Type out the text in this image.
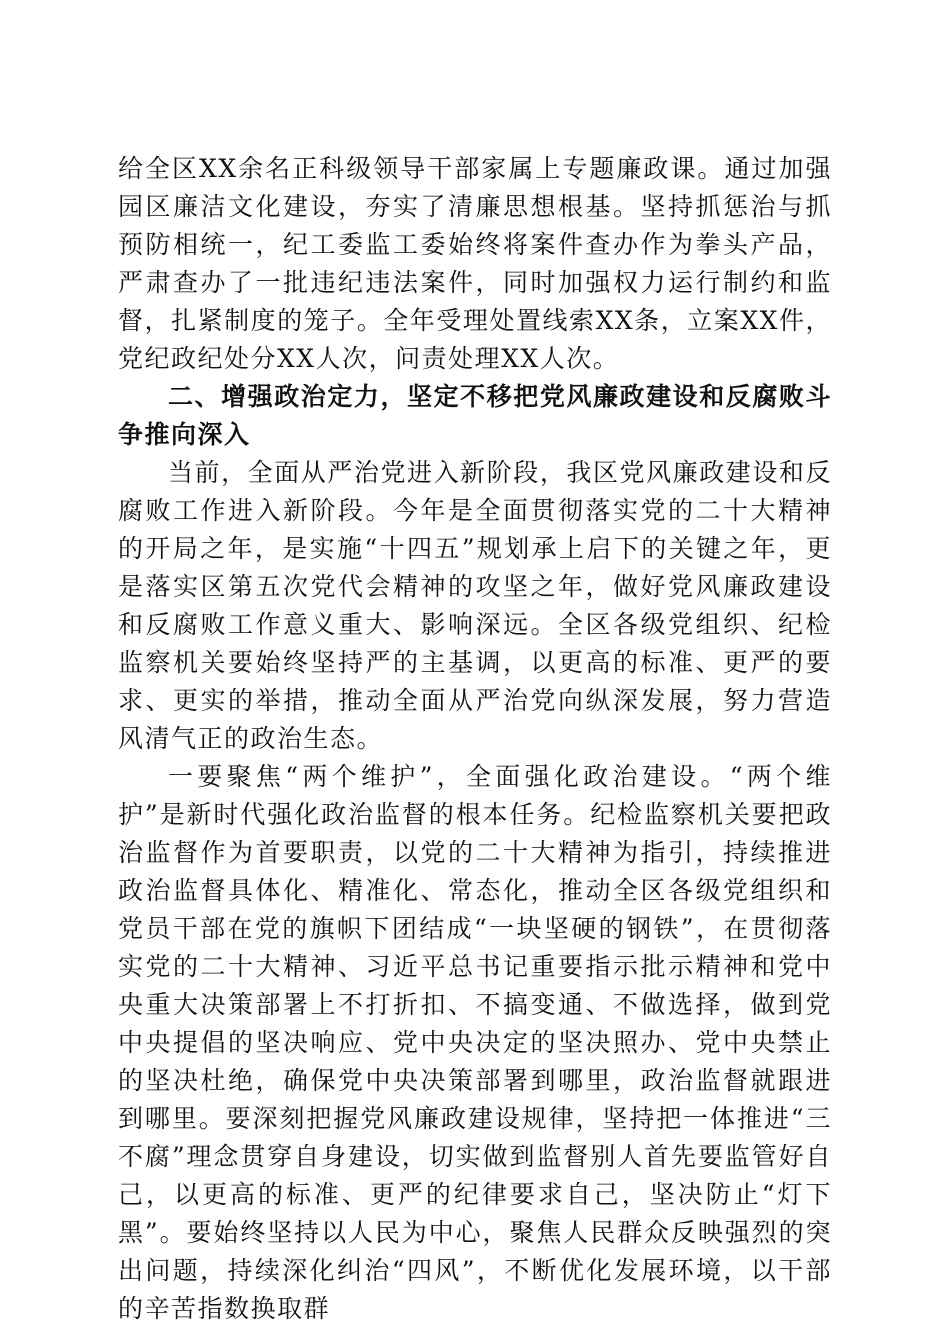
给全区XX余名正科级领导干部家属上专题廉政课。通过加强园区廉洁文化建设，夯实了清廉思想根基。坚持抓惩治与抓预防相统一，纪工委监工委始终将案件查办作为拳头产品，严肃查办了一批违纪违法案件，同时加强权力运行制约和监督，扎紧制度的笼子。全年受理处置线索XX条，立案XX件，党纪政纪处分XX人次，问责处理XX人次。

二、增强政治定力，坚定不移把党风廉政建设和反腐败斗争推向深入

当前，全面从严治党进入新阶段，我区党风廉政建设和反腐败工作进入新阶段。今年是全面贯彻落实党的二十大精神的开局之年，是实施“十四五”规划承上启下的关键之年，更是落实区第五次党代会精神的攻坚之年，做好党风廉政建设和反腐败工作意义重大、影响深远。全区各级党组织、纪检监察机关要始终坚持严的主基调，以更高的标准、更严的要求、更实的举措，推动全面从严治党向纵深发展，努力营造风清气正的政治生态。

一要聚焦“两个维护”，全面强化政治建设。“两个维护”是新时代强化政治监督的根本任务。纪检监察机关要把政治监督作为首要职责，以党的二十大精神为指引，持续推进政治监督具体化、精准化、常态化，推动全区各级党组织和党员干部在党的旗帜下团结成“一块坚硬的钢铁”，在贯彻落实党的二十大精神、习近平总书记重要指示批示精神和党中央重大决策部署上不打折扣、不搞变通、不做选择，做到党中央提倡的坚决响应、党中央决定的坚决照办、党中央禁止的坚决杜绝，确保党中央决策部署到哪里，政治监督就跟进到哪里。要深刻把握党风廉政建设规律，坚持把一体推进“三不腐”理念贯穿自身建设，切实做到监督别人首先要监管好自己，以更高的标准、更严的纪律要求自己，坚决防止“灯下黑”。要始终坚持以人民为中心，聚焦人民群众反映强烈的突出问题，持续深化纠治“四风”，不断优化发展环境，以干部的辛苦指数换取群
